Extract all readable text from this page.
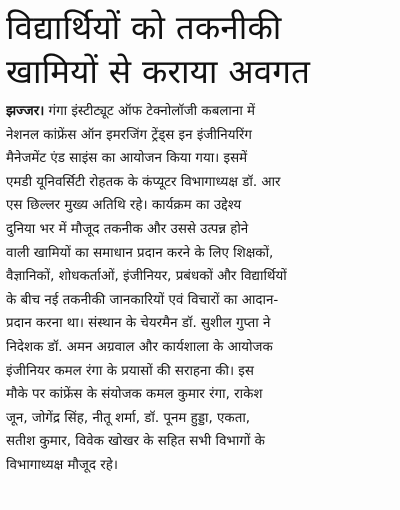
विद्यार्थियों को तकनीकी
खामियों से कराया अवगत
झज्जर। गंगा इंस्टीट्यूट ऑफ टेक्नोलॉजी कबलाना में
नेशनल कांफ्रेंस ऑन इमरजिंग ट्रेंड्स इन इंजीनियरिंग
मैनेजमेंट एंड साइंस का आयोजन किया गया। इसमें
एमडी यूनिवर्सिटी रोहतक के कंप्यूटर विभागाध्यक्ष डॉ. आर
एस छिल्लर मुख्य अतिथि रहे। कार्यक्रम का उद्देश्य
दुनिया भर में मौजूद तकनीक और उससे उत्पन्न होने
वाली खामियों का समाधान प्रदान करने के लिए शिक्षकों,
वैज्ञानिकों, शोधकर्ताओं, इंजीनियर, प्रबंधकों और विद्यार्थियों
के बीच नई तकनीकी जानकारियों एवं विचारों का आदान-
प्रदान करना था। संस्थान के चेयरमैन डॉ. सुशील गुप्ता ने
निदेशक डॉ. अमन अग्रवाल और कार्यशाला के आयोजक
इंजीनियर कमल रंगा के प्रयासों की सराहना की। इस
मौके पर कांफ्रेंस के संयोजक कमल कुमार रंगा, राकेश
जून, जोगेंद्र सिंह, नीतू शर्मा, डॉ. पूनम हुड्डा, एकता,
सतीश कुमार, विवेक खोखर के सहित सभी विभागों के
विभागाध्यक्ष मौजूद रहे।
